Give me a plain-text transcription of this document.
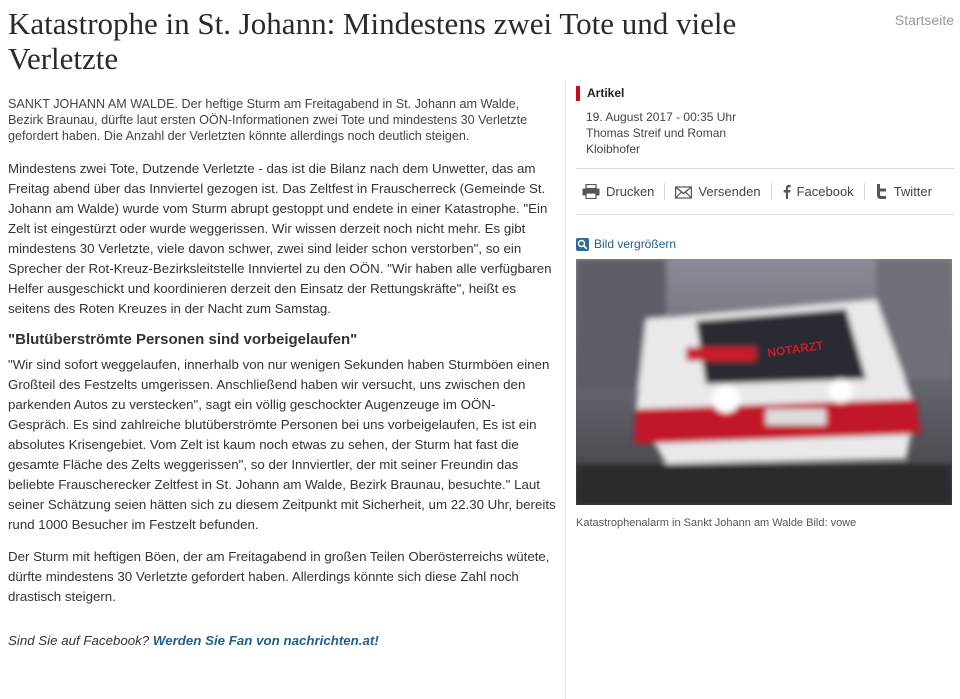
Katastrophe in St. Johann: Mindestens zwei Tote und viele Verletzte
Startseite

SANKT JOHANN AM WALDE. Der heftige Sturm am Freitagabend in St. Johann am Walde, Bezirk Braunau, dürfte laut ersten OÖN-Informationen zwei Tote und mindestens 30 Verletzte gefordert haben. Die Anzahl der Verletzten könnte allerdings noch deutlich steigen.

Mindestens zwei Tote, Dutzende Verletzte - das ist die Bilanz nach dem Unwetter, das am Freitag abend über das Innviertel gezogen ist. Das Zeltfest in Frauscherreck (Gemeinde St. Johann am Walde) wurde vom Sturm abrupt gestoppt und endete in einer Katastrophe. "Ein Zelt ist eingestürzt oder wurde weggerissen. Wir wissen derzeit noch nicht mehr. Es gibt mindestens 30 Verletzte, viele davon schwer, zwei sind leider schon verstorben", so ein Sprecher der Rot-Kreuz-Bezirksleitstelle Innviertel zu den OÖN. "Wir haben alle verfügbaren Helfer ausgeschickt und koordinieren derzeit den Einsatz der Rettungskräfte", heißt es seitens des Roten Kreuzes in der Nacht zum Samstag.

"Blutüberströmte Personen sind vorbeigelaufen"

"Wir sind sofort weggelaufen, innerhalb von nur wenigen Sekunden haben Sturmböen einen Großteil des Festzelts umgerissen. Anschließend haben wir versucht, uns zwischen den parkenden Autos zu verstecken", sagt ein völlig geschockter Augenzeuge im OÖN-Gespräch. Es sind zahlreiche blutüberströmte Personen bei uns vorbeigelaufen, Es ist ein absolutes Krisengebiet. Vom Zelt ist kaum noch etwas zu sehen, der Sturm hat fast die gesamte Fläche des Zelts weggerissen", so der Innviertler, der mit seiner Freundin das beliebte Frauscherecker Zeltfest in St. Johann am Walde, Bezirk Braunau, besuchte." Laut seiner Schätzung seien hätten sich zu diesem Zeitpunkt mit Sicherheit, um 22.30 Uhr, bereits rund 1000 Besucher im Festzelt befunden.

Der Sturm mit heftigen Böen, der am Freitagabend in großen Teilen Oberösterreichs wütete, dürfte mindestens 30 Verletzte gefordert haben. Allerdings könnte sich diese Zahl noch drastisch steigern.

Sind Sie auf Facebook? Werden Sie Fan von nachrichten.at!

Artikel
19. August 2017 - 00:35 Uhr
Thomas Streif und Roman Kloibhofer
Drucken	Versenden	Facebook	Twitter
Bild vergrößern
NOTARZT
Katastrophenalarm in Sankt Johann am Walde Bild: vowe
